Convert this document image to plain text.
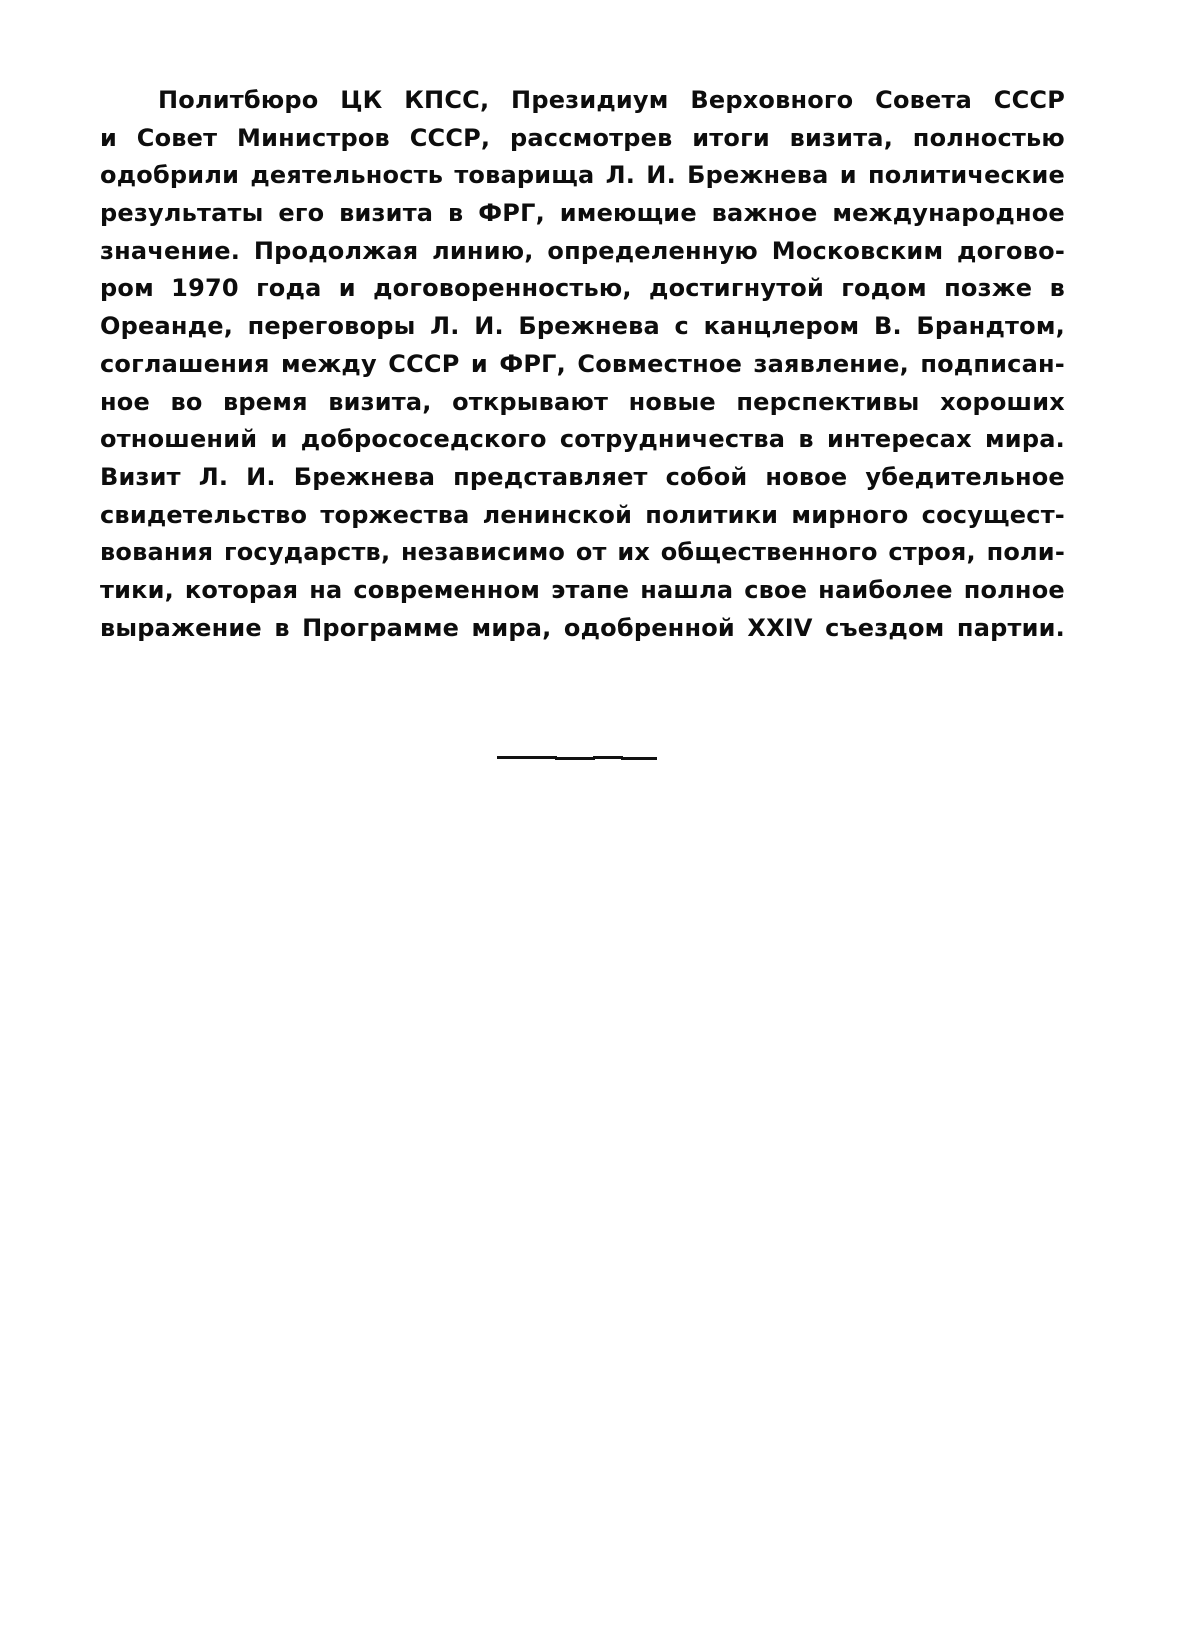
Политбюро ЦК КПСС, Президиум Верховного Совета СССР
и Совет Министров СССР, рассмотрев итоги визита, полностью
одобрили деятельность товарища Л. И. Брежнева и политические
результаты его визита в ФРГ, имеющие важное международное
значение. Продолжая линию, определенную Московским догово-
ром 1970 года и договоренностью, достигнутой годом позже в
Ореанде, переговоры Л. И. Брежнева с канцлером В. Брандтом,
соглашения между СССР и ФРГ, Совместное заявление, подписан-
ное во время визита, открывают новые перспективы хороших
отношений и добрососедского сотрудничества в интересах мира.
Визит Л. И. Брежнева представляет собой новое убедительное
свидетельство торжества ленинской политики мирного сосущест-
вования государств, независимо от их общественного строя, поли-
тики, которая на современном этапе нашла свое наиболее полное
выражение в Программе мира, одобренной XXIV съездом партии.
